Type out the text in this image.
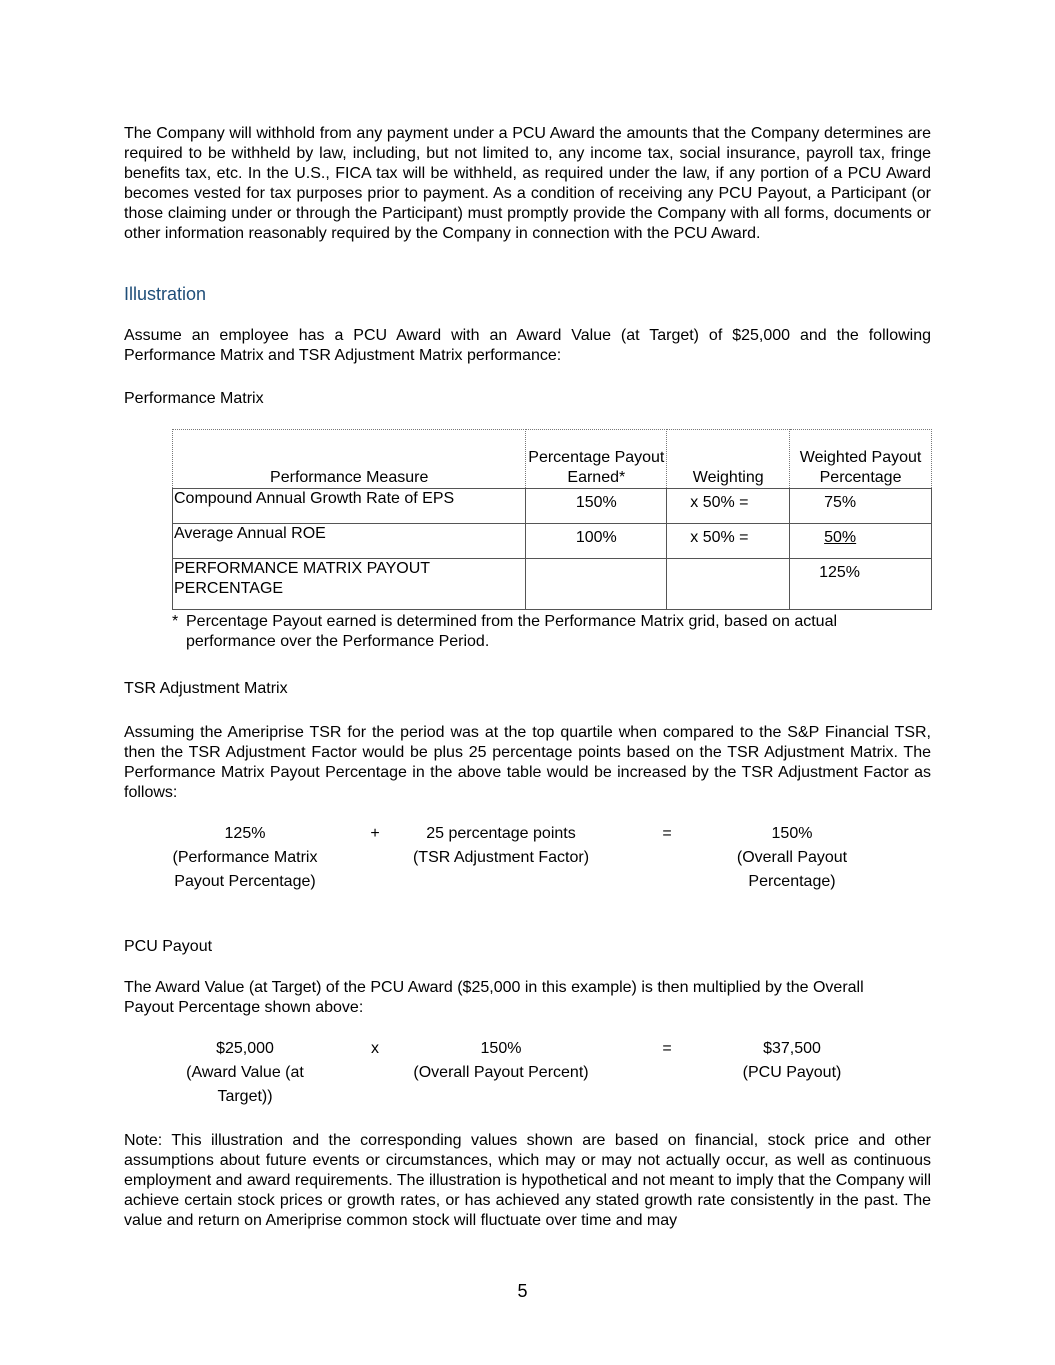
The Company will withhold from any payment under a PCU Award the amounts that the Company determines are required to be withheld by law, including, but not limited to, any income tax, social insurance, payroll tax, fringe benefits tax, etc. In the U.S., FICA tax will be withheld, as required under the law, if any portion of a PCU Award becomes vested for tax purposes prior to payment. As a condition of receiving any PCU Payout, a Participant (or those claiming under or through the Participant) must promptly provide the Company with all forms, documents or other information reasonably required by the Company in connection with the PCU Award.
Illustration
Assume an employee has a PCU Award with an Award Value (at Target) of $25,000 and the following Performance Matrix and TSR Adjustment Matrix performance:
Performance Matrix
Performance Measure	Percentage Payout Earned*	Weighting	Weighted Payout Percentage
Compound Annual Growth Rate of EPS	150%	x 50% =	75%
Average Annual ROE	100%	x 50% =	50%
PERFORMANCE MATRIX PAYOUT PERCENTAGE			125%
* Percentage Payout earned is determined from the Performance Matrix grid, based on actual performance over the Performance Period.
TSR Adjustment Matrix
Assuming the Ameriprise TSR for the period was at the top quartile when compared to the S&P Financial TSR, then the TSR Adjustment Factor would be plus 25 percentage points based on the TSR Adjustment Matrix. The Performance Matrix Payout Percentage in the above table would be increased by the TSR Adjustment Factor as follows:
125%
(Performance Matrix Payout Percentage)
+	25 percentage points
(TSR Adjustment Factor)
=	150%
(Overall Payout Percentage)
PCU Payout
The Award Value (at Target) of the PCU Award ($25,000 in this example) is then multiplied by the Overall Payout Percentage shown above:
$25,000
(Award Value (at Target))
x	150%
(Overall Payout Percent)
=	$37,500
(PCU Payout)
Note: This illustration and the corresponding values shown are based on financial, stock price and other assumptions about future events or circumstances, which may or may not actually occur, as well as continuous employment and award requirements. The illustration is hypothetical and not meant to imply that the Company will achieve certain stock prices or growth rates, or has achieved any stated growth rate consistently in the past. The value and return on Ameriprise common stock will fluctuate over time and may
5
